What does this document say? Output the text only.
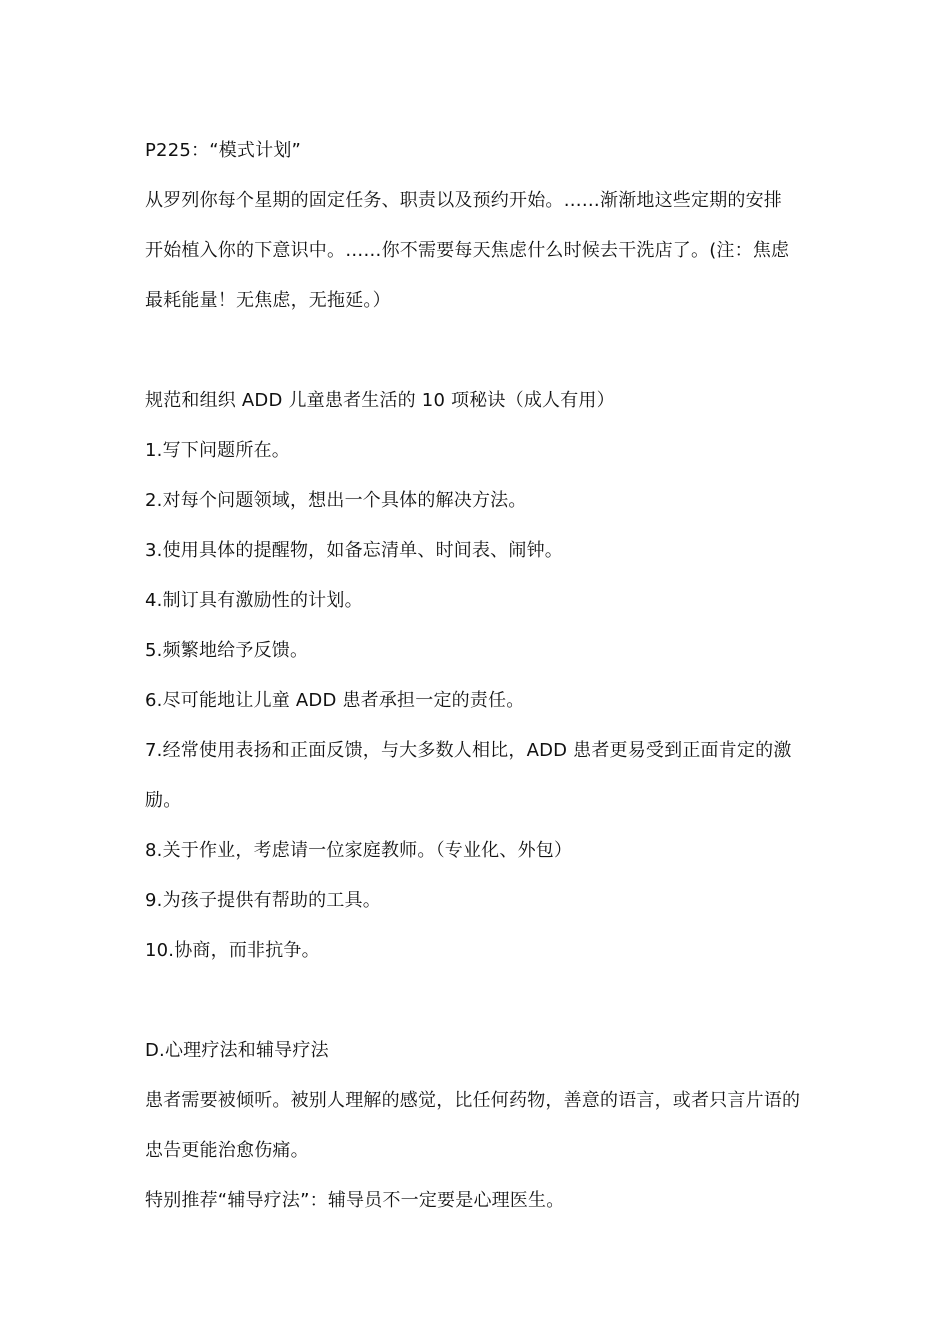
P225：“模式计划”

从罗列你每个星期的固定任务、职责以及预约开始。……渐渐地这些定期的安排

开始植入你的下意识中。……你不需要每天焦虑什么时候去干洗店了。(注：焦虑

最耗能量！无焦虑，无拖延。）

规范和组织 ADD 儿童患者生活的 10 项秘诀（成人有用）

1.写下问题所在。

2.对每个问题领域，想出一个具体的解决方法。

3.使用具体的提醒物，如备忘清单、时间表、闹钟。

4.制订具有激励性的计划。

5.频繁地给予反馈。

6.尽可能地让儿童 ADD 患者承担一定的责任。

7.经常使用表扬和正面反馈，与大多数人相比，ADD 患者更易受到正面肯定的激

励。

8.关于作业，考虑请一位家庭教师。（专业化、外包）

9.为孩子提供有帮助的工具。

10.协商，而非抗争。

D.心理疗法和辅导疗法

患者需要被倾听。被别人理解的感觉，比任何药物，善意的语言，或者只言片语的

忠告更能治愈伤痛。

特别推荐“辅导疗法”：辅导员不一定要是心理医生。
